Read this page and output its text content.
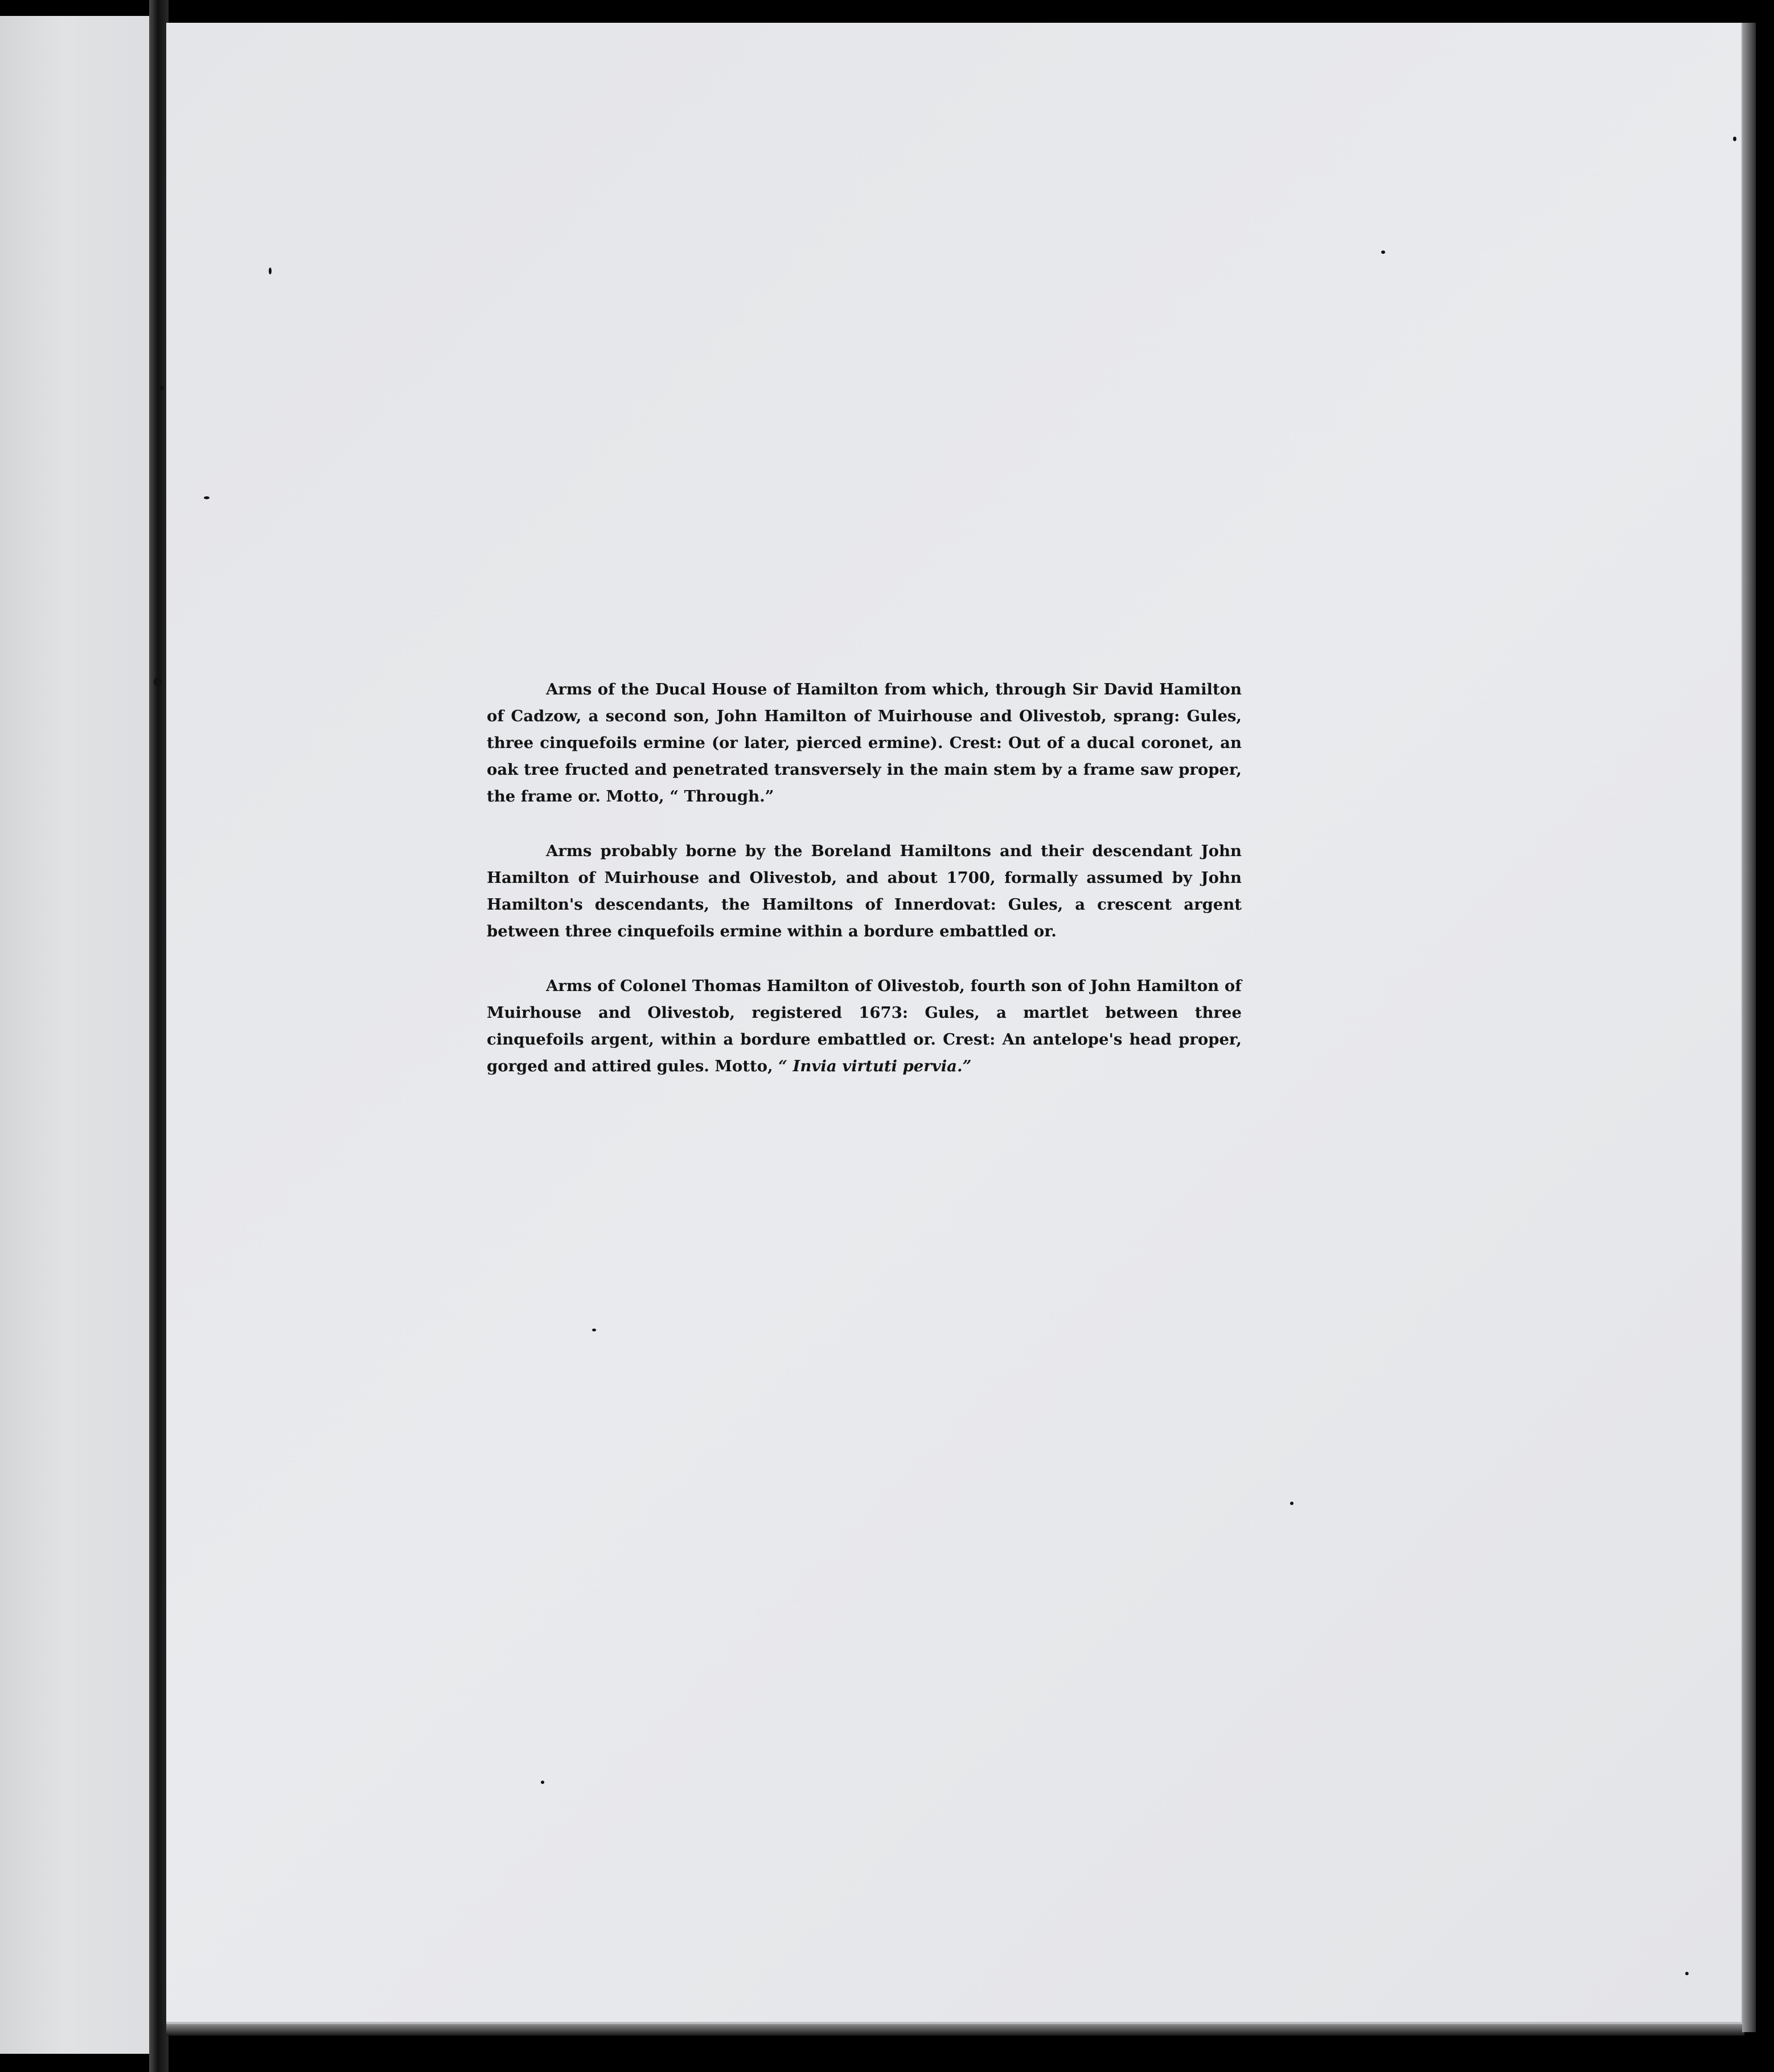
Arms of the Ducal House of Hamilton from which, through Sir David Hamilton of Cadzow, a second son, John Hamilton of Muirhouse and Olivestob, sprang: Gules, three cinquefoils ermine (or later, pierced ermine). Crest: Out of a ducal coronet, an oak tree fructed and penetrated transversely in the main stem by a frame saw proper, the frame or. Motto, “ Through.”

Arms probably borne by the Boreland Hamiltons and their descendant John Hamilton of Muirhouse and Olivestob, and about 1700, formally assumed by John Hamilton's descendants, the Hamiltons of Innerdovat: Gules, a crescent argent between three cinquefoils ermine within a bordure embattled or.

Arms of Colonel Thomas Hamilton of Olivestob, fourth son of John Hamilton of Muirhouse and Olivestob, registered 1673: Gules, a martlet between three cinquefoils argent, within a bordure embattled or. Crest: An antelope's head proper, gorged and attired gules. Motto, “ Invia virtuti pervia.”
